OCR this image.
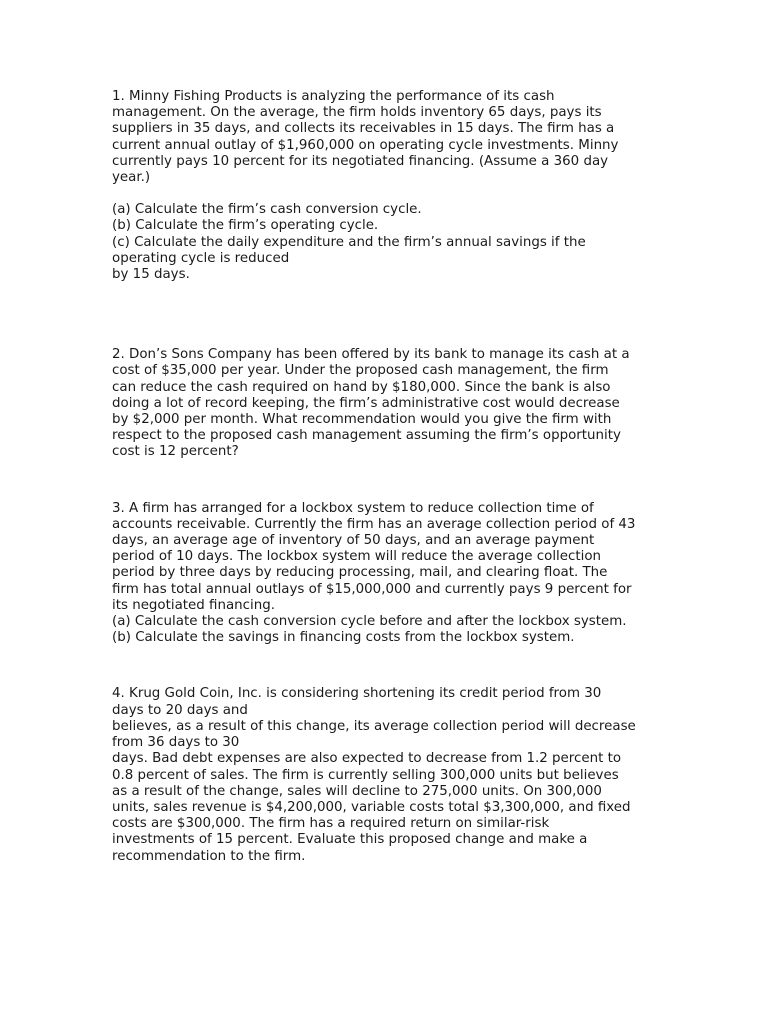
1. Minny Fishing Products is analyzing the performance of its cash
management. On the average, the firm holds inventory 65 days, pays its
suppliers in 35 days, and collects its receivables in 15 days. The firm has a
current annual outlay of $1,960,000 on operating cycle investments. Minny
currently pays 10 percent for its negotiated financing. (Assume a 360 day
year.)
(a) Calculate the firm’s cash conversion cycle.
(b) Calculate the firm’s operating cycle.
(c) Calculate the daily expenditure and the firm’s annual savings if the
operating cycle is reduced
by 15 days.
2. Don’s Sons Company has been offered by its bank to manage its cash at a
cost of $35,000 per year. Under the proposed cash management, the firm
can reduce the cash required on hand by $180,000. Since the bank is also
doing a lot of record keeping, the firm’s administrative cost would decrease
by $2,000 per month. What recommendation would you give the firm with
respect to the proposed cash management assuming the firm’s opportunity
cost is 12 percent?
3. A firm has arranged for a lockbox system to reduce collection time of
accounts receivable. Currently the firm has an average collection period of 43
days, an average age of inventory of 50 days, and an average payment
period of 10 days. The lockbox system will reduce the average collection
period by three days by reducing processing, mail, and clearing float. The
firm has total annual outlays of $15,000,000 and currently pays 9 percent for
its negotiated financing.
(a) Calculate the cash conversion cycle before and after the lockbox system.
(b) Calculate the savings in financing costs from the lockbox system.
4. Krug Gold Coin, Inc. is considering shortening its credit period from 30
days to 20 days and
believes, as a result of this change, its average collection period will decrease
from 36 days to 30
days. Bad debt expenses are also expected to decrease from 1.2 percent to
0.8 percent of sales. The firm is currently selling 300,000 units but believes
as a result of the change, sales will decline to 275,000 units. On 300,000
units, sales revenue is $4,200,000, variable costs total $3,300,000, and fixed
costs are $300,000. The firm has a required return on similar-risk
investments of 15 percent. Evaluate this proposed change and make a
recommendation to the firm.
